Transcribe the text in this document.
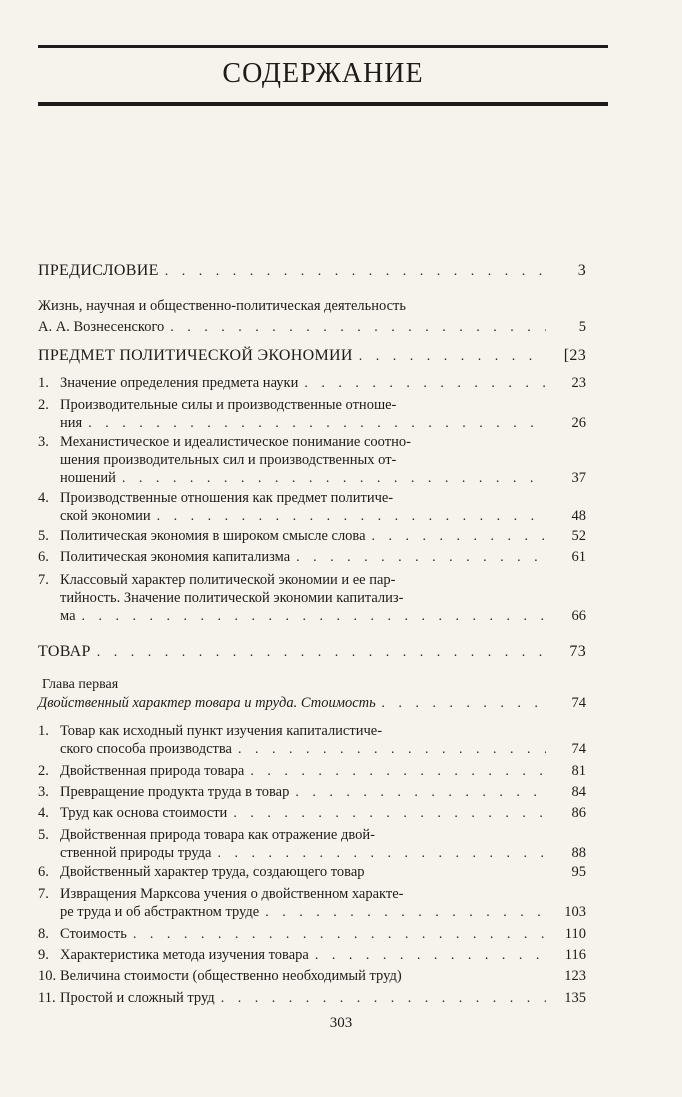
СОДЕРЖАНИЕ
ПРЕДИСЛОВИЕ . . .	3
Жизнь, научная и общественно-политическая деятельность
А. А. Вознесенского . . .	5
ПРЕДМЕТ ПОЛИТИЧЕСКОЙ ЭКОНОМИИ . . .	[23
1. Значение определения предмета науки . . .	23
2. Производительные силы и производственные отноше-
ния . . .	26
3. Механистическое и идеалистическое понимание соотно-
шения производительных сил и производственных от-
ношений . . .	37
4. Производственные отношения как предмет политиче-
ской экономии . . .	48
5. Политическая экономия в широком смысле слова . . .	52
6. Политическая экономия капитализма . . .	61
7. Классовый характер политической экономии и ее пар-
тийность. Значение политической экономии капитализ-
ма . . .	66
ТОВАР . . .	73
Глава первая
Двойственный характер товара и труда. Стоимость . . .	74
1. Товар как исходный пункт изучения капиталистиче-
ского способа производства . . .	74
2. Двойственная природа товара . . .	81
3. Превращение продукта труда в товар . . .	84
4. Труд как основа стоимости . . .	86
5. Двойственная природа товара как отражение двой-
ственной природы труда . . .	88
6. Двойственный характер труда, создающего товар	95
7. Извращения Марксова учения о двойственном характе-
ре труда и об абстрактном труде . . .	103
8. Стоимость . . .	110
9. Характеристика метода изучения товара . . .	116
10. Величина стоимости (общественно необходимый труд)	123
11. Простой и сложный труд . . .	135
303
